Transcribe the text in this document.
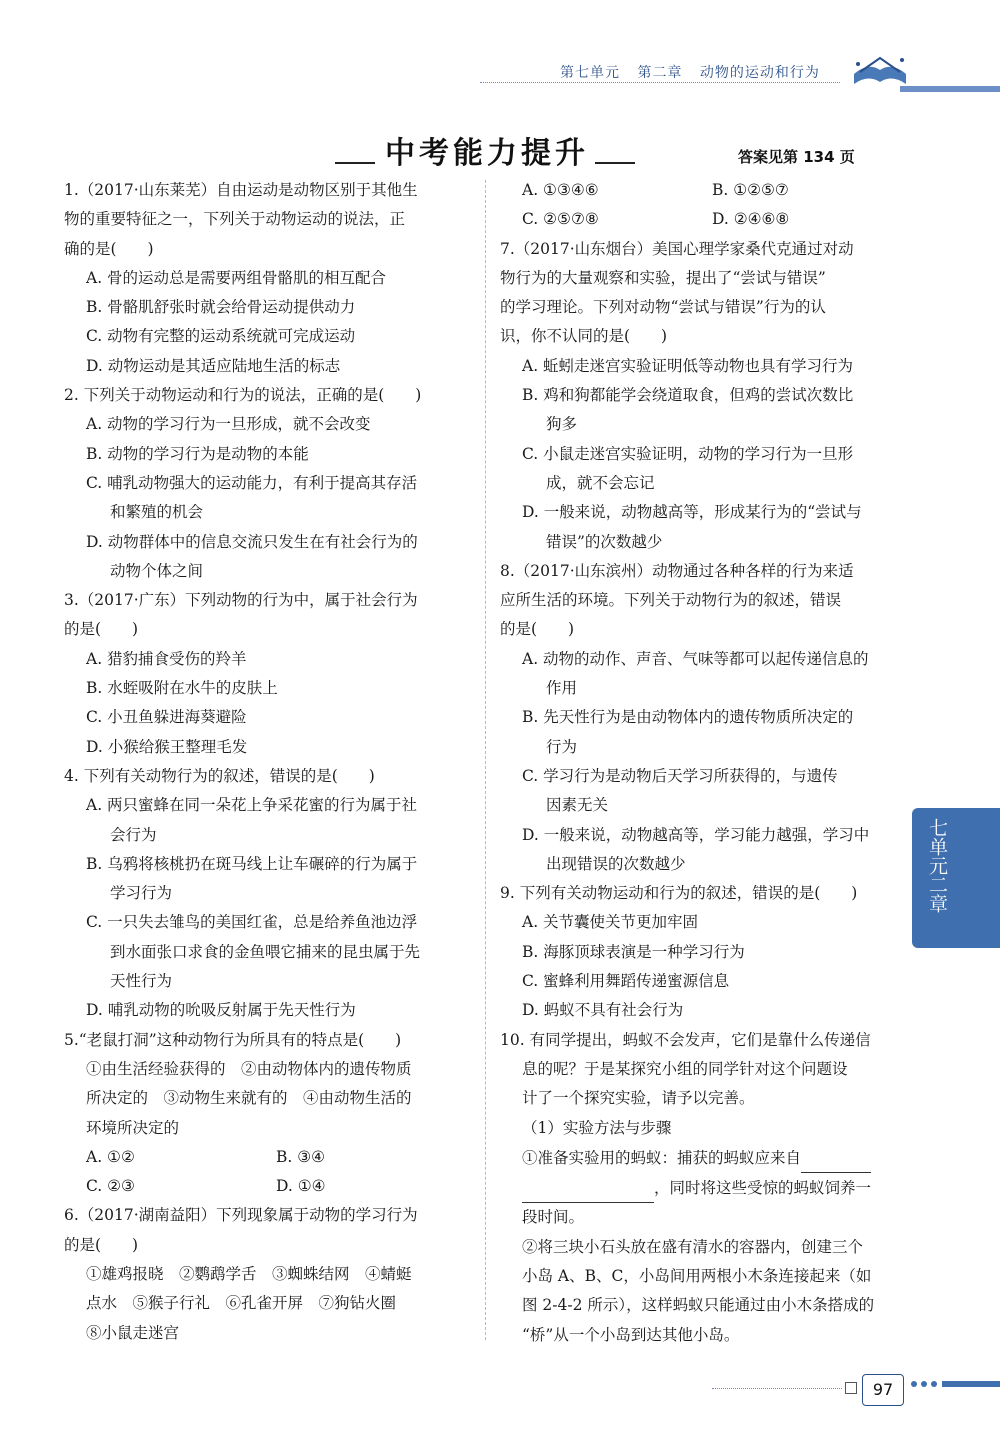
第七单元 第二章 动物的运动和行为
中考能力提升	答案见第 134 页
1.（2017·山东莱芜）自由运动是动物区别于其他生
物的重要特征之一，下列关于动物运动的说法，正
确的是(　　)
A. 骨的运动总是需要两组骨骼肌的相互配合
B. 骨骼肌舒张时就会给骨运动提供动力
C. 动物有完整的运动系统就可完成运动
D. 动物运动是其适应陆地生活的标志
2. 下列关于动物运动和行为的说法，正确的是(　　)
A. 动物的学习行为一旦形成，就不会改变
B. 动物的学习行为是动物的本能
C. 哺乳动物强大的运动能力，有利于提高其存活
和繁殖的机会
D. 动物群体中的信息交流只发生在有社会行为的
动物个体之间
3.（2017·广东）下列动物的行为中，属于社会行为
的是(　　)
A. 猎豹捕食受伤的羚羊
B. 水蛭吸附在水牛的皮肤上
C. 小丑鱼躲进海葵避险
D. 小猴给猴王整理毛发
4. 下列有关动物行为的叙述，错误的是(　　)
A. 两只蜜蜂在同一朵花上争采花蜜的行为属于社
会行为
B. 乌鸦将核桃扔在斑马线上让车碾碎的行为属于
学习行为
C. 一只失去雏鸟的美国红雀，总是给养鱼池边浮
到水面张口求食的金鱼喂它捕来的昆虫属于先
天性行为
D. 哺乳动物的吮吸反射属于先天性行为
5.“老鼠打洞”这种动物行为所具有的特点是(　　)
①由生活经验获得的　②由动物体内的遗传物质
所决定的　③动物生来就有的　④由动物生活的
环境所决定的
A. ①②	B. ③④
C. ②③	D. ①④
6.（2017·湖南益阳）下列现象属于动物的学习行为
的是(　　)
①雄鸡报晓　②鹦鹉学舌　③蜘蛛结网　④蜻蜓
点水　⑤猴子行礼　⑥孔雀开屏　⑦狗钻火圈
⑧小鼠走迷宫
A. ①③④⑥	B. ①②⑤⑦
C. ②⑤⑦⑧	D. ②④⑥⑧
7.（2017·山东烟台）美国心理学家桑代克通过对动
物行为的大量观察和实验，提出了“尝试与错误”
的学习理论。下列对动物“尝试与错误”行为的认
识，你不认同的是(　　)
A. 蚯蚓走迷宫实验证明低等动物也具有学习行为
B. 鸡和狗都能学会绕道取食，但鸡的尝试次数比
狗多
C. 小鼠走迷宫实验证明，动物的学习行为一旦形
成，就不会忘记
D. 一般来说，动物越高等，形成某行为的“尝试与
错误”的次数越少
8.（2017·山东滨州）动物通过各种各样的行为来适
应所生活的环境。下列关于动物行为的叙述，错误
的是(　　)
A. 动物的动作、声音、气味等都可以起传递信息的
作用
B. 先天性行为是由动物体内的遗传物质所决定的
行为
C. 学习行为是动物后天学习所获得的，与遗传
因素无关
D. 一般来说，动物越高等，学习能力越强，学习中
出现错误的次数越少
9. 下列有关动物运动和行为的叙述，错误的是(　　)
A. 关节囊使关节更加牢固
B. 海豚顶球表演是一种学习行为
C. 蜜蜂利用舞蹈传递蜜源信息
D. 蚂蚁不具有社会行为
10. 有同学提出，蚂蚁不会发声，它们是靠什么传递信
息的呢？于是某探究小组的同学针对这个问题设
计了一个探究实验，请予以完善。
（1）实验方法与步骤
①准备实验用的蚂蚁：捕获的蚂蚁应来自
，同时将这些受惊的蚂蚁饲养一
段时间。
②将三块小石头放在盛有清水的容器内，创建三个
小岛 A、B、C，小岛间用两根小木条连接起来（如
图 2-4-2 所示），这样蚂蚁只能通过由小木条搭成的
“桥”从一个小岛到达其他小岛。
七单元二章
97
